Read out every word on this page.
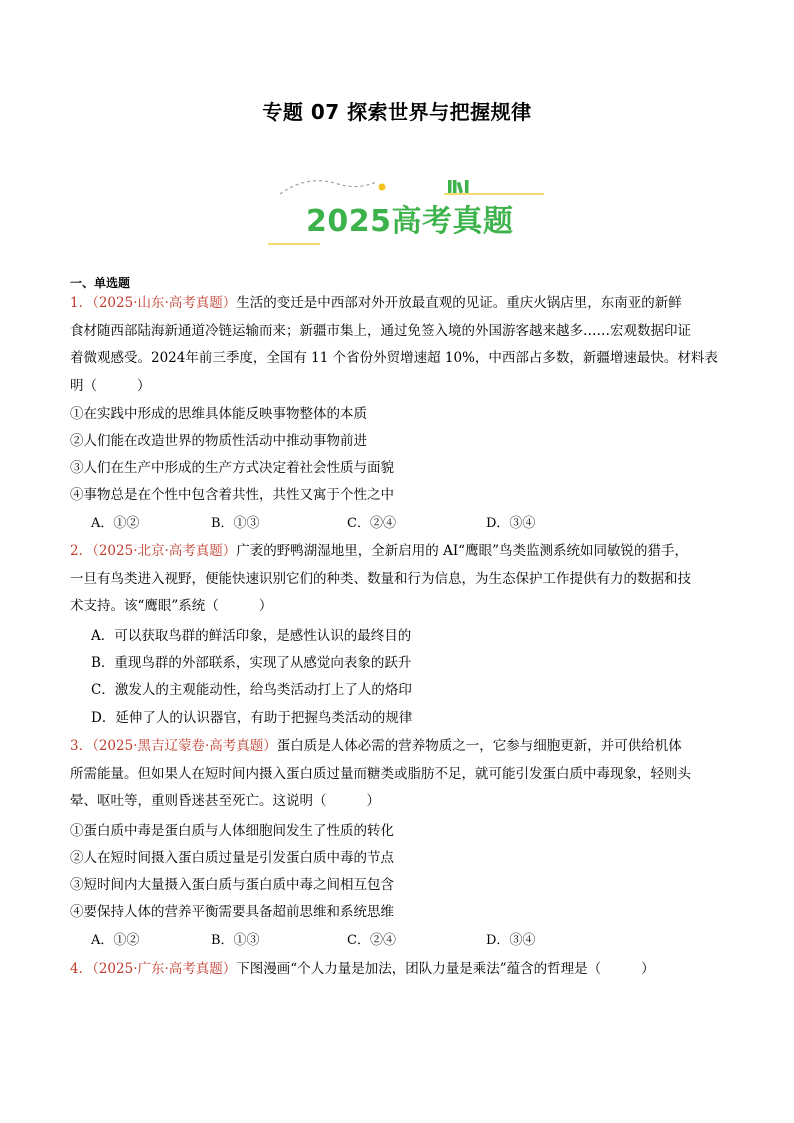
专题 07 探索世界与把握规律
2025高考真题
一、单选题
1．（2025·山东·高考真题）生活的变迁是中西部对外开放最直观的见证。重庆火锅店里，东南亚的新鲜
食材随西部陆海新通道冷链运输而来；新疆市集上，通过免签入境的外国游客越来越多……宏观数据印证
着微观感受。2024年前三季度，全国有 11 个省份外贸增速超 10%，中西部占多数，新疆增速最快。材料表
明（	）
①在实践中形成的思维具体能反映事物整体的本质
②人们能在改造世界的物质性活动中推动事物前进
③人们在生产中形成的生产方式决定着社会性质与面貌
④事物总是在个性中包含着共性，共性又寓于个性之中
A．①②	B．①③	C．②④	D．③④
2．（2025·北京·高考真题）广袤的野鸭湖湿地里，全新启用的 AI“鹰眼”鸟类监测系统如同敏锐的猎手，
一旦有鸟类进入视野，便能快速识别它们的种类、数量和行为信息，为生态保护工作提供有力的数据和技
术支持。该“鹰眼”系统（	）
A．可以获取鸟群的鲜活印象，是感性认识的最终目的
B．重现鸟群的外部联系，实现了从感觉向表象的跃升
C．激发人的主观能动性，给鸟类活动打上了人的烙印
D．延伸了人的认识器官，有助于把握鸟类活动的规律
3．（2025·黑吉辽蒙卷·高考真题）蛋白质是人体必需的营养物质之一，它参与细胞更新，并可供给机体
所需能量。但如果人在短时间内摄入蛋白质过量而糖类或脂肪不足，就可能引发蛋白质中毒现象，轻则头
晕、呕吐等，重则昏迷甚至死亡。这说明（	）
①蛋白质中毒是蛋白质与人体细胞间发生了性质的转化
②人在短时间摄入蛋白质过量是引发蛋白质中毒的节点
③短时间内大量摄入蛋白质与蛋白质中毒之间相互包含
④要保持人体的营养平衡需要具备超前思维和系统思维
A．①②	B．①③	C．②④	D．③④
4．（2025·广东·高考真题）下图漫画“个人力量是加法，团队力量是乘法”蕴含的哲理是（	）
